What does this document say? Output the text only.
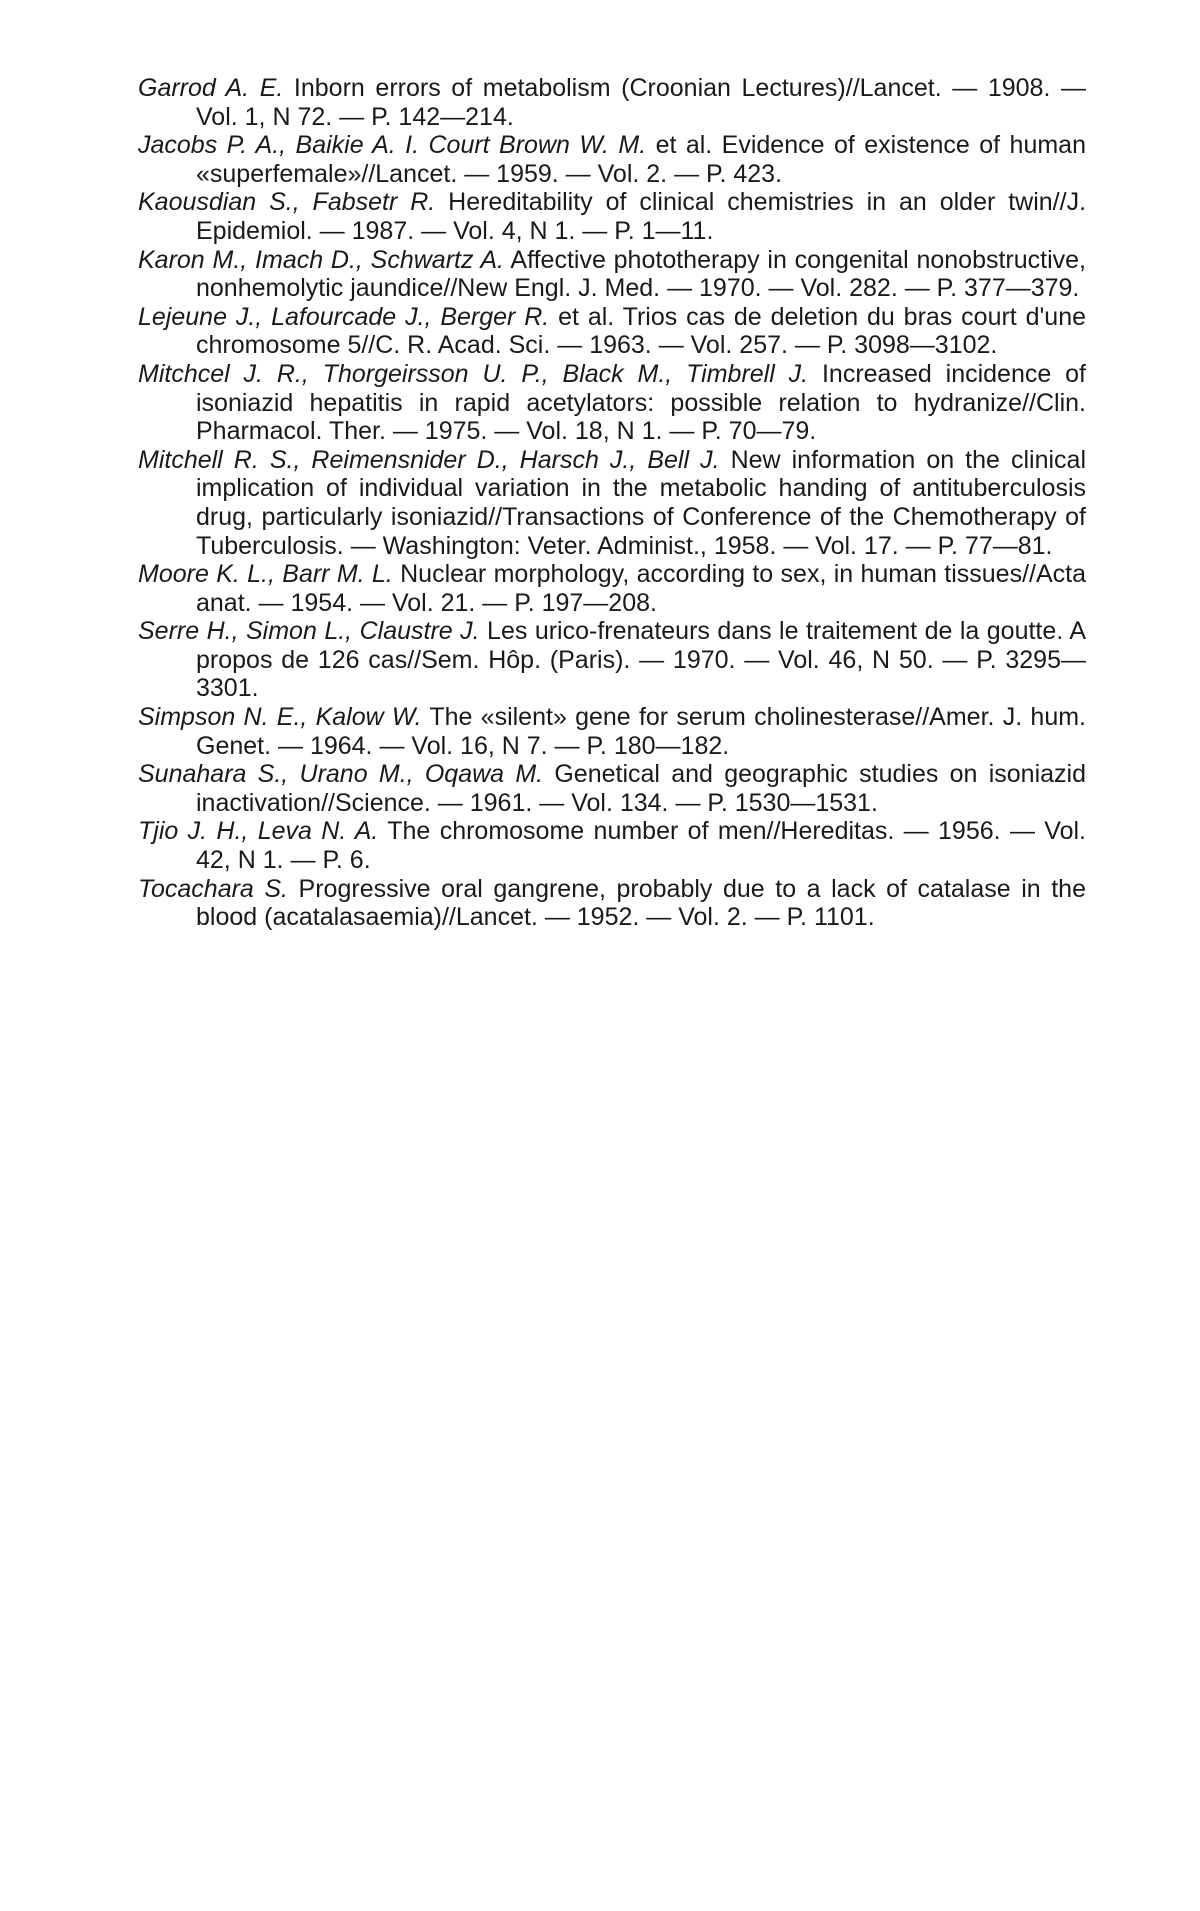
Garrod A. E. Inborn errors of metabolism (Croonian Lectures)//Lancet. — 1908. — Vol. 1, N 72. — P. 142—214.

Jacobs P. A., Baikie A. I. Court Brown W. M. et al. Evidence of existence of human «superfemale»//Lancet. — 1959. — Vol. 2. — P. 423.

Kaousdian S., Fabsetr R. Hereditability of clinical chemistries in an older twin//J. Epidemiol. — 1987. — Vol. 4, N 1. — P. 1—11.

Karon M., Imach D., Schwartz A. Affective phototherapy in congenital nonobstructive, nonhemolytic jaundice//New Engl. J. Med. — 1970. — Vol. 282. — P. 377—379.

Lejeune J., Lafourcade J., Berger R. et al. Trios cas de deletion du bras court d'une chromosome 5//C. R. Acad. Sci. — 1963. — Vol. 257. — P. 3098—3102.

Mitchcel J. R., Thorgeirsson U. P., Black M., Timbrell J. Increased incidence of isoniazid hepatitis in rapid acetylators: possible relation to hydranize//Clin. Pharmacol. Ther. — 1975. — Vol. 18, N 1. — P. 70—79.

Mitchell R. S., Reimensnider D., Harsch J., Bell J. New information on the clinical implication of individual variation in the metabolic handing of antituberculosis drug, particularly isoniazid//Transactions of Conference of the Chemotherapy of Tuberculosis. — Washington: Veter. Administ., 1958. — Vol. 17. — P. 77—81.

Moore K. L., Barr M. L. Nuclear morphology, according to sex, in human tissues//Acta anat. — 1954. — Vol. 21. — P. 197—208.

Serre H., Simon L., Claustre J. Les urico-frenateurs dans le traitement de la goutte. A propos de 126 cas//Sem. Hôp. (Paris). — 1970. — Vol. 46, N 50. — P. 3295—3301.

Simpson N. E., Kalow W. The «silent» gene for serum cholinesterase//Amer. J. hum. Genet. — 1964. — Vol. 16, N 7. — P. 180—182.

Sunahara S., Urano M., Oqawa M. Genetical and geographic studies on isoniazid inactivation//Science. — 1961. — Vol. 134. — P. 1530—1531.

Tjio J. H., Leva N. A. The chromosome number of men//Hereditas. — 1956. — Vol. 42, N 1. — P. 6.

Tocachara S. Progressive oral gangrene, probably due to a lack of catalase in the blood (acatalasaemia)//Lancet. — 1952. — Vol. 2. — P. 1101.
